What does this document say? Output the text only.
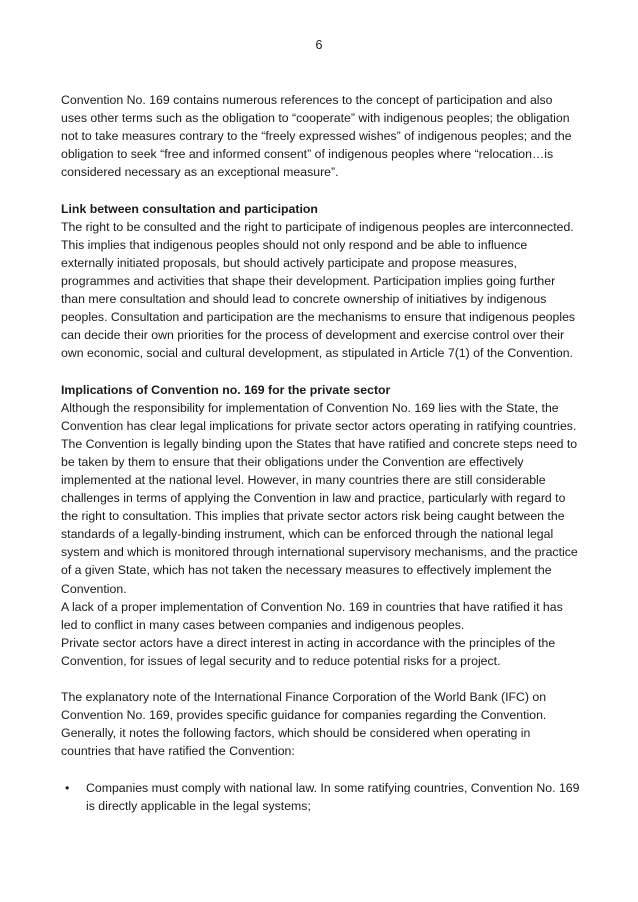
6

Convention No. 169 contains numerous references to the concept of participation and also uses other terms such as the obligation to “cooperate” with indigenous peoples; the obligation not to take measures contrary to the “freely expressed wishes” of indigenous peoples; and the obligation to seek “free and informed consent” of indigenous peoples where “relocation…is considered necessary as an exceptional measure”.

Link between consultation and participation

The right to be consulted and the right to participate of indigenous peoples are interconnected. This implies that indigenous peoples should not only respond and be able to influence externally initiated proposals, but should actively participate and propose measures, programmes and activities that shape their development. Participation implies going further than mere consultation and should lead to concrete ownership of initiatives by indigenous peoples. Consultation and participation are the mechanisms to ensure that indigenous peoples can decide their own priorities for the process of development and exercise control over their own economic, social and cultural development, as stipulated in Article 7(1) of the Convention.

Implications of Convention no. 169 for the private sector

Although the responsibility for implementation of Convention No. 169 lies with the State, the Convention has clear legal implications for private sector actors operating in ratifying countries. The Convention is legally binding upon the States that have ratified and concrete steps need to be taken by them to ensure that their obligations under the Convention are effectively implemented at the national level. However, in many countries there are still considerable challenges in terms of applying the Convention in law and practice, particularly with regard to the right to consultation. This implies that private sector actors risk being caught between the standards of a legally-binding instrument, which can be enforced through the national legal system and which is monitored through international supervisory mechanisms, and the practice of a given State, which has not taken the necessary measures to effectively implement the Convention.

A lack of a proper implementation of Convention No. 169 in countries that have ratified it has led to conflict in many cases between companies and indigenous peoples.

Private sector actors have a direct interest in acting in accordance with the principles of the Convention, for issues of legal security and to reduce potential risks for a project.

The explanatory note of the International Finance Corporation of the World Bank (IFC) on Convention No. 169, provides specific guidance for companies regarding the Convention. Generally, it notes the following factors, which should be considered when operating in countries that have ratified the Convention:

• Companies must comply with national law. In some ratifying countries, Convention No. 169 is directly applicable in the legal systems;
